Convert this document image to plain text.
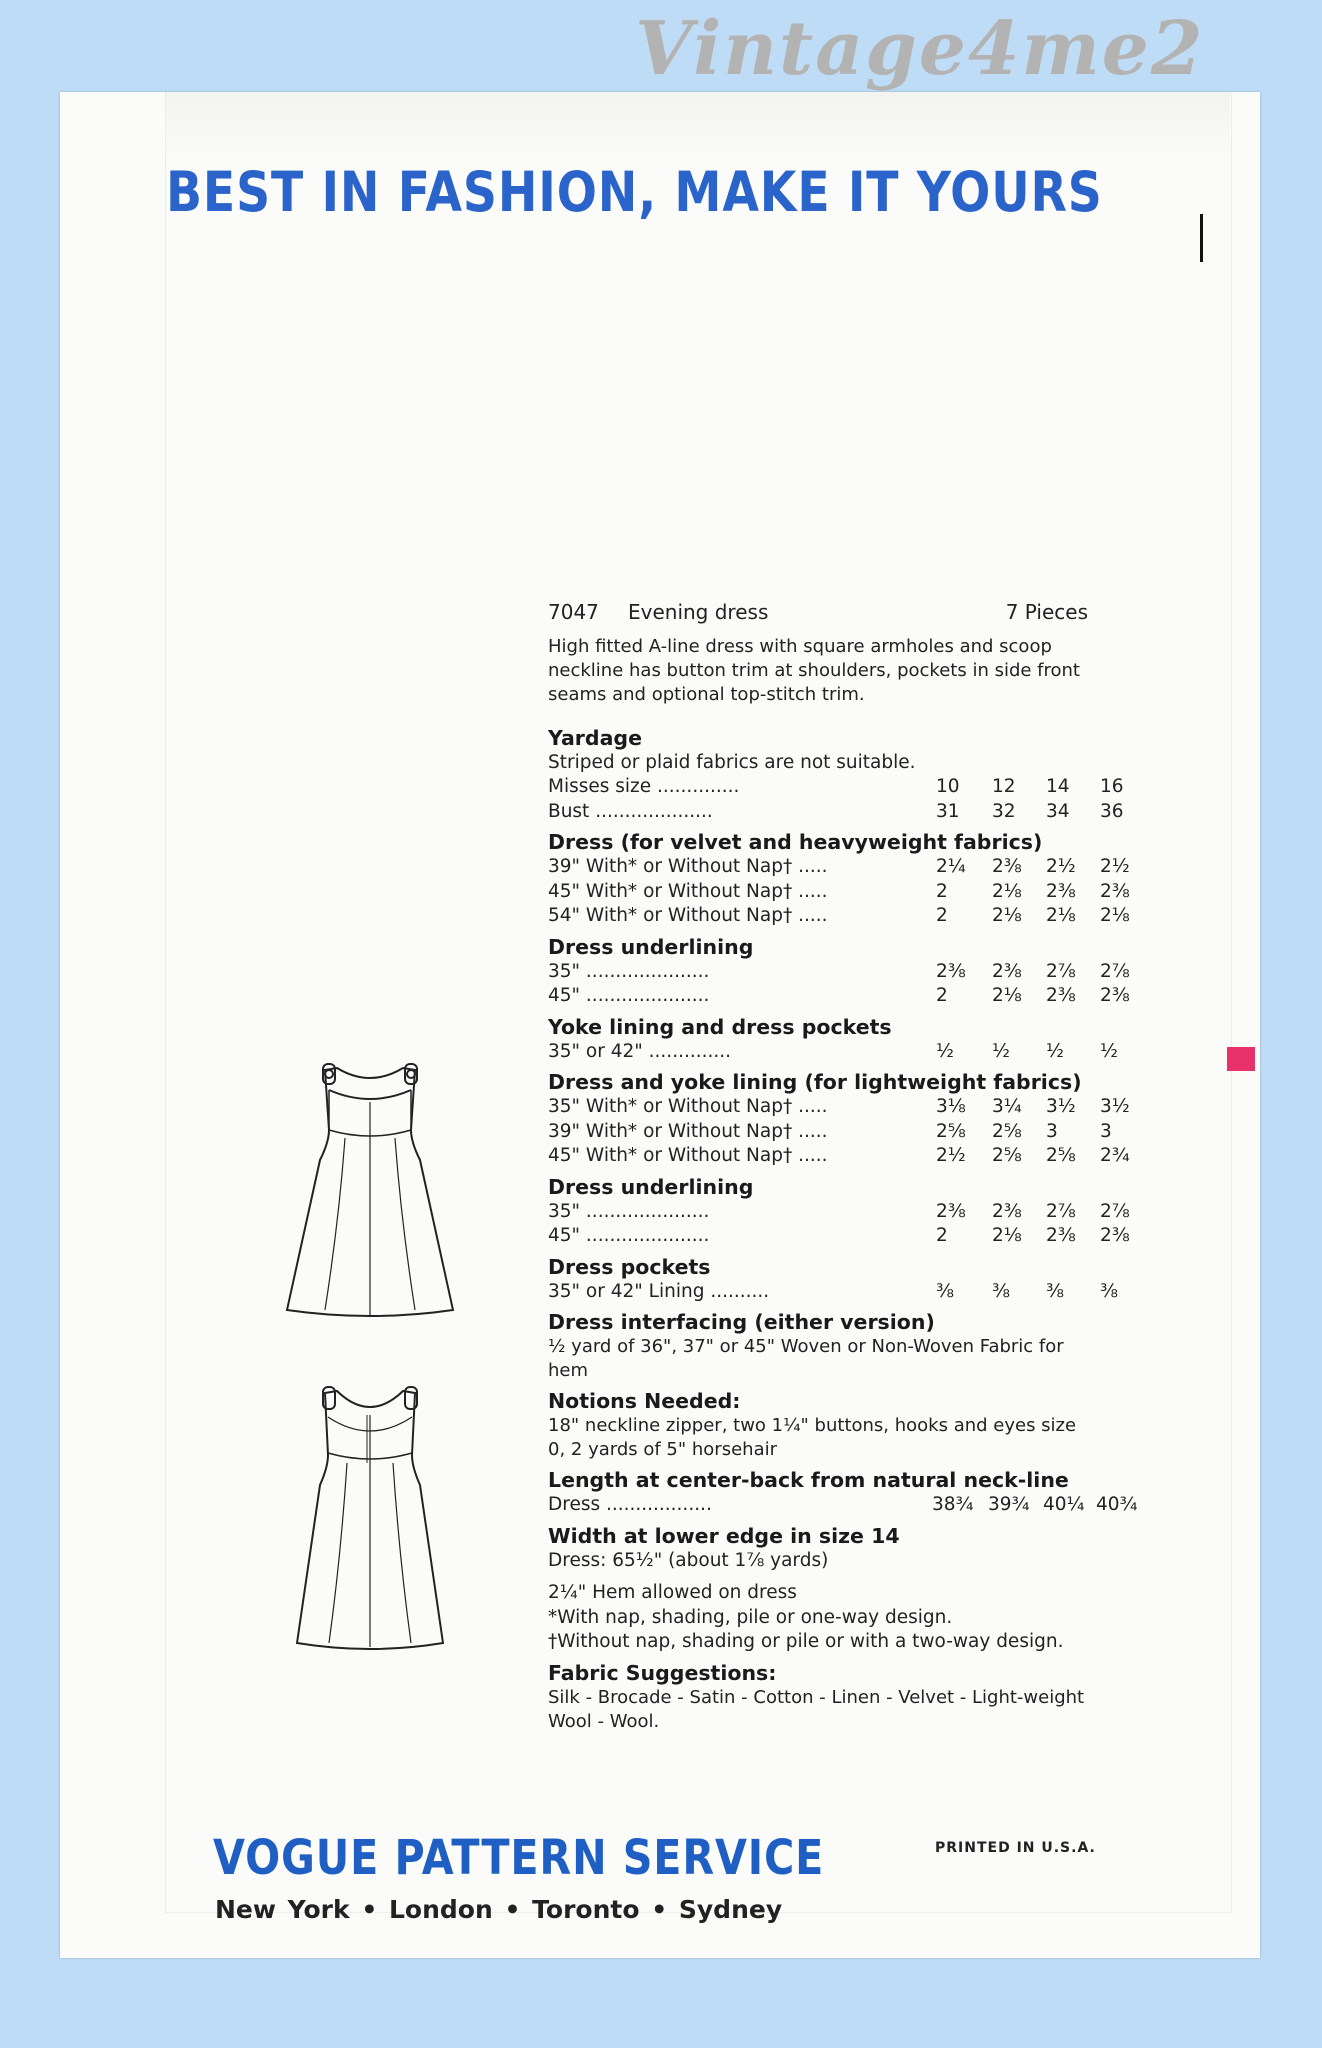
Vintage4me2
BEST IN FASHION, MAKE IT YOURS
7047 Evening dress	7 Pieces
High fitted A-line dress with square armholes and scoop neckline has button trim at shoulders, pockets in side front seams and optional top-stitch trim.
Yardage
Striped or plaid fabrics are not suitable.
Misses size ..............	10 12 14 16
Bust ....................	31 32 34 36
Dress (for velvet and heavyweight fabrics)
39" With* or Without Nap† .....	2¼ 2⅜ 2½ 2½
45" With* or Without Nap† .....	2 2⅛ 2⅜ 2⅜
54" With* or Without Nap† .....	2 2⅛ 2⅛ 2⅛
Dress underlining
35" .....................	2⅜ 2⅜ 2⅞ 2⅞
45" .....................	2 2⅛ 2⅜ 2⅜
Yoke lining and dress pockets
35" or 42" ..............	½ ½ ½ ½
Dress and yoke lining (for lightweight fabrics)
35" With* or Without Nap† .....	3⅛ 3¼ 3½ 3½
39" With* or Without Nap† .....	2⅝ 2⅝ 3 3
45" With* or Without Nap† .....	2½ 2⅝ 2⅝ 2¾
Dress underlining
35" .....................	2⅜ 2⅜ 2⅞ 2⅞
45" .....................	2 2⅛ 2⅜ 2⅜
Dress pockets
35" or 42" Lining ..........	⅜ ⅜ ⅜ ⅜
Dress interfacing (either version)
½ yard of 36", 37" or 45" Woven or Non-Woven Fabric for hem
Notions Needed:
18" neckline zipper, two 1¼" buttons, hooks and eyes size 0, 2 yards of 5" horsehair
Length at center-back from natural neck-line
Dress ..................	38¾ 39¾ 40¼ 40¾
Width at lower edge in size 14
Dress: 65½" (about 1⅞ yards)
2¼" Hem allowed on dress
*With nap, shading, pile or one-way design.
†Without nap, shading or pile or with a two-way design.
Fabric Suggestions:
Silk - Brocade - Satin - Cotton - Linen - Velvet - Light-weight Wool - Wool.
VOGUE PATTERN SERVICE
New York • London • Toronto • Sydney
PRINTED IN U.S.A.
